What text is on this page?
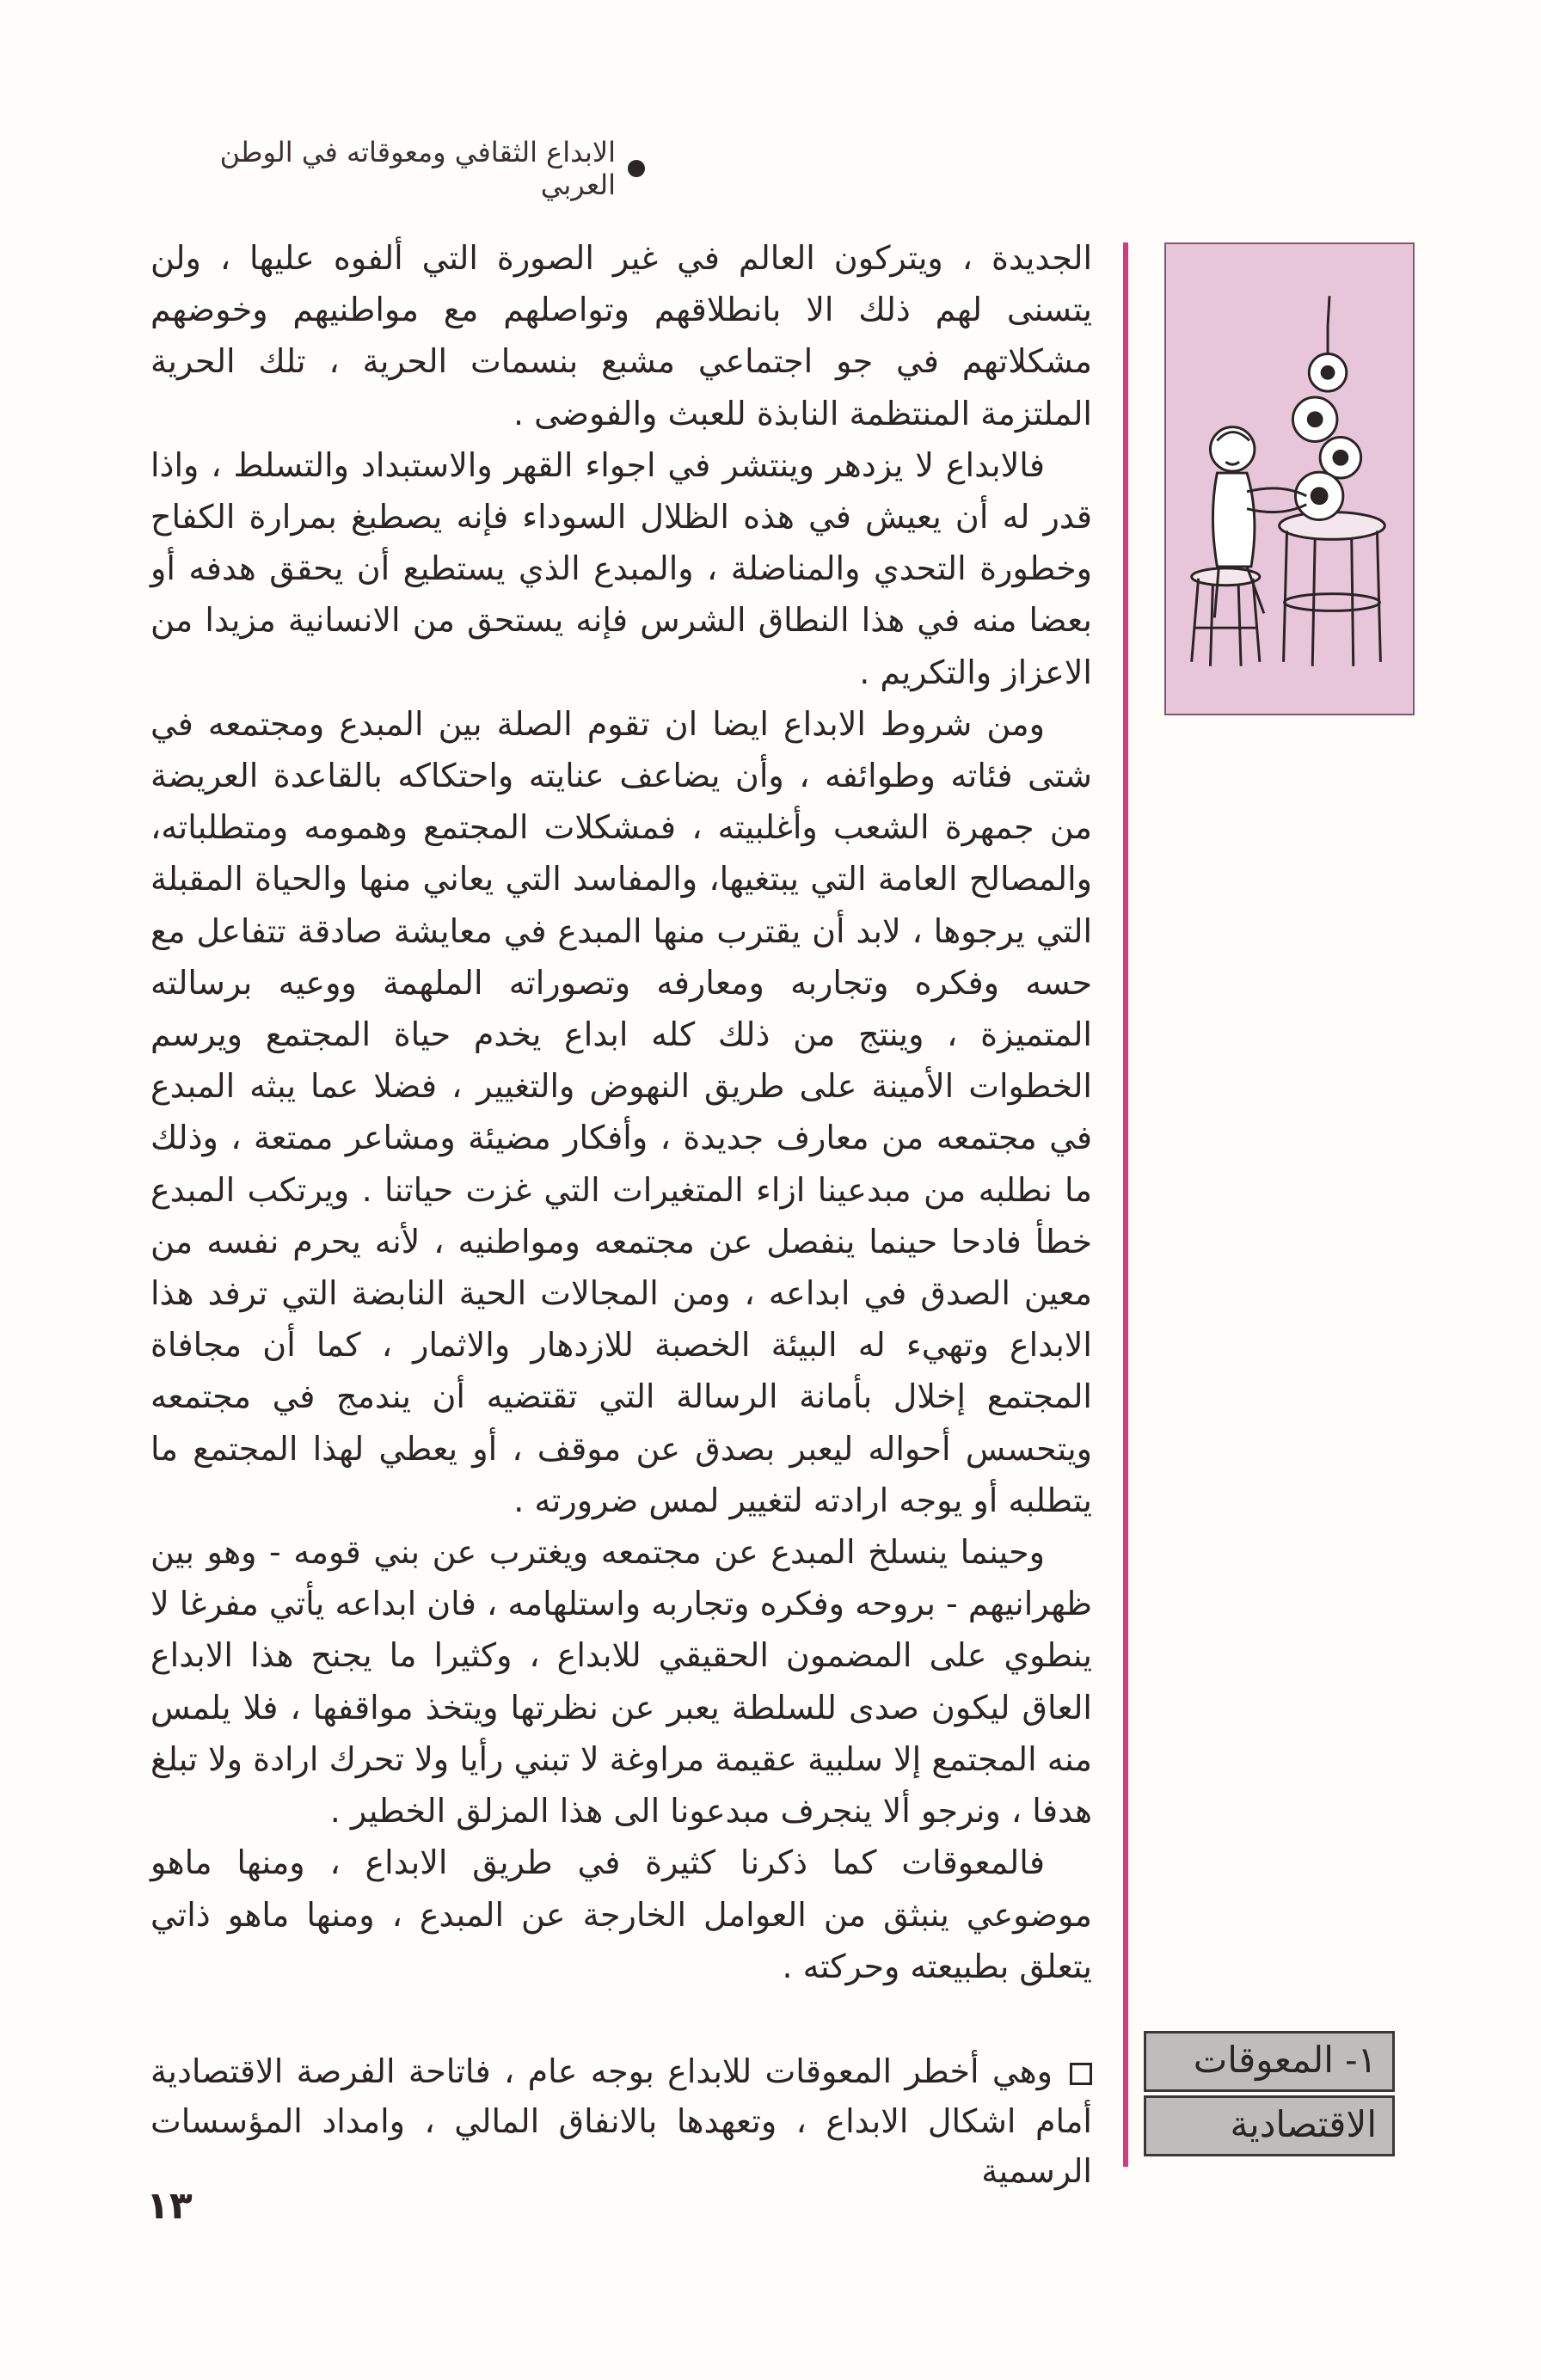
الابداع الثقافي ومعوقاته في الوطن العربي

الجديدة ، ويتركون العالم في غير الصورة التي ألفوه عليها ، ولن يتسنى لهم ذلك الا بانطلاقهم وتواصلهم مع مواطنيهم وخوضهم مشكلاتهم في جو اجتماعي مشبع بنسمات الحرية ، تلك الحرية الملتزمة المنتظمة النابذة للعبث والفوضى .

فالابداع لا يزدهر وينتشر في اجواء القهر والاستبداد والتسلط ، واذا قدر له أن يعيش في هذه الظلال السوداء فإنه يصطبغ بمرارة الكفاح وخطورة التحدي والمناضلة ، والمبدع الذي يستطيع أن يحقق هدفه أو بعضا منه في هذا النطاق الشرس فإنه يستحق من الانسانية مزيدا من الاعزاز والتكريم .

ومن شروط الابداع ايضا ان تقوم الصلة بين المبدع ومجتمعه في شتى فئاته وطوائفه ، وأن يضاعف عنايته واحتكاكه بالقاعدة العريضة من جمهرة الشعب وأغلبيته ، فمشكلات المجتمع وهمومه ومتطلباته، والمصالح العامة التي يبتغيها، والمفاسد التي يعاني منها والحياة المقبلة التي يرجوها ، لابد أن يقترب منها المبدع في معايشة صادقة تتفاعل مع حسه وفكره وتجاربه ومعارفه وتصوراته الملهمة ووعيه برسالته المتميزة ، وينتج من ذلك كله ابداع يخدم حياة المجتمع ويرسم الخطوات الأمينة على طريق النهوض والتغيير ، فضلا عما يبثه المبدع في مجتمعه من معارف جديدة ، وأفكار مضيئة ومشاعر ممتعة ، وذلك ما نطلبه من مبدعينا ازاء المتغيرات التي غزت حياتنا . ويرتكب المبدع خطأ فادحا حينما ينفصل عن مجتمعه ومواطنيه ، لأنه يحرم نفسه من معين الصدق في ابداعه ، ومن المجالات الحية النابضة التي ترفد هذا الابداع وتهيء له البيئة الخصبة للازدهار والاثمار ، كما أن مجافاة المجتمع إخلال بأمانة الرسالة التي تقتضيه أن يندمج في مجتمعه ويتحسس أحواله ليعبر بصدق عن موقف ، أو يعطي لهذا المجتمع ما يتطلبه أو يوجه ارادته لتغيير لمس ضرورته .

وحينما ينسلخ المبدع عن مجتمعه ويغترب عن بني قومه - وهو بين ظهرانيهم - بروحه وفكره وتجاربه واستلهامه ، فان ابداعه يأتي مفرغا لا ينطوي على المضمون الحقيقي للابداع ، وكثيرا ما يجنح هذا الابداع العاق ليكون صدى للسلطة يعبر عن نظرتها ويتخذ مواقفها ، فلا يلمس منه المجتمع إلا سلبية عقيمة مراوغة لا تبني رأيا ولا تحرك ارادة ولا تبلغ هدفا ، ونرجو ألا ينجرف مبدعونا الى هذا المزلق الخطير .

فالمعوقات كما ذكرنا كثيرة في طريق الابداع ، ومنها ماهو موضوعي ينبثق من العوامل الخارجة عن المبدع ، ومنها ماهو ذاتي يتعلق بطبيعته وحركته .

١- المعوقات
الاقتصادية
وهي أخطر المعوقات للابداع بوجه عام ، فاتاحة الفرصة الاقتصادية أمام اشكال الابداع ، وتعهدها بالانفاق المالي ، وامداد المؤسسات الرسمية
١٣
